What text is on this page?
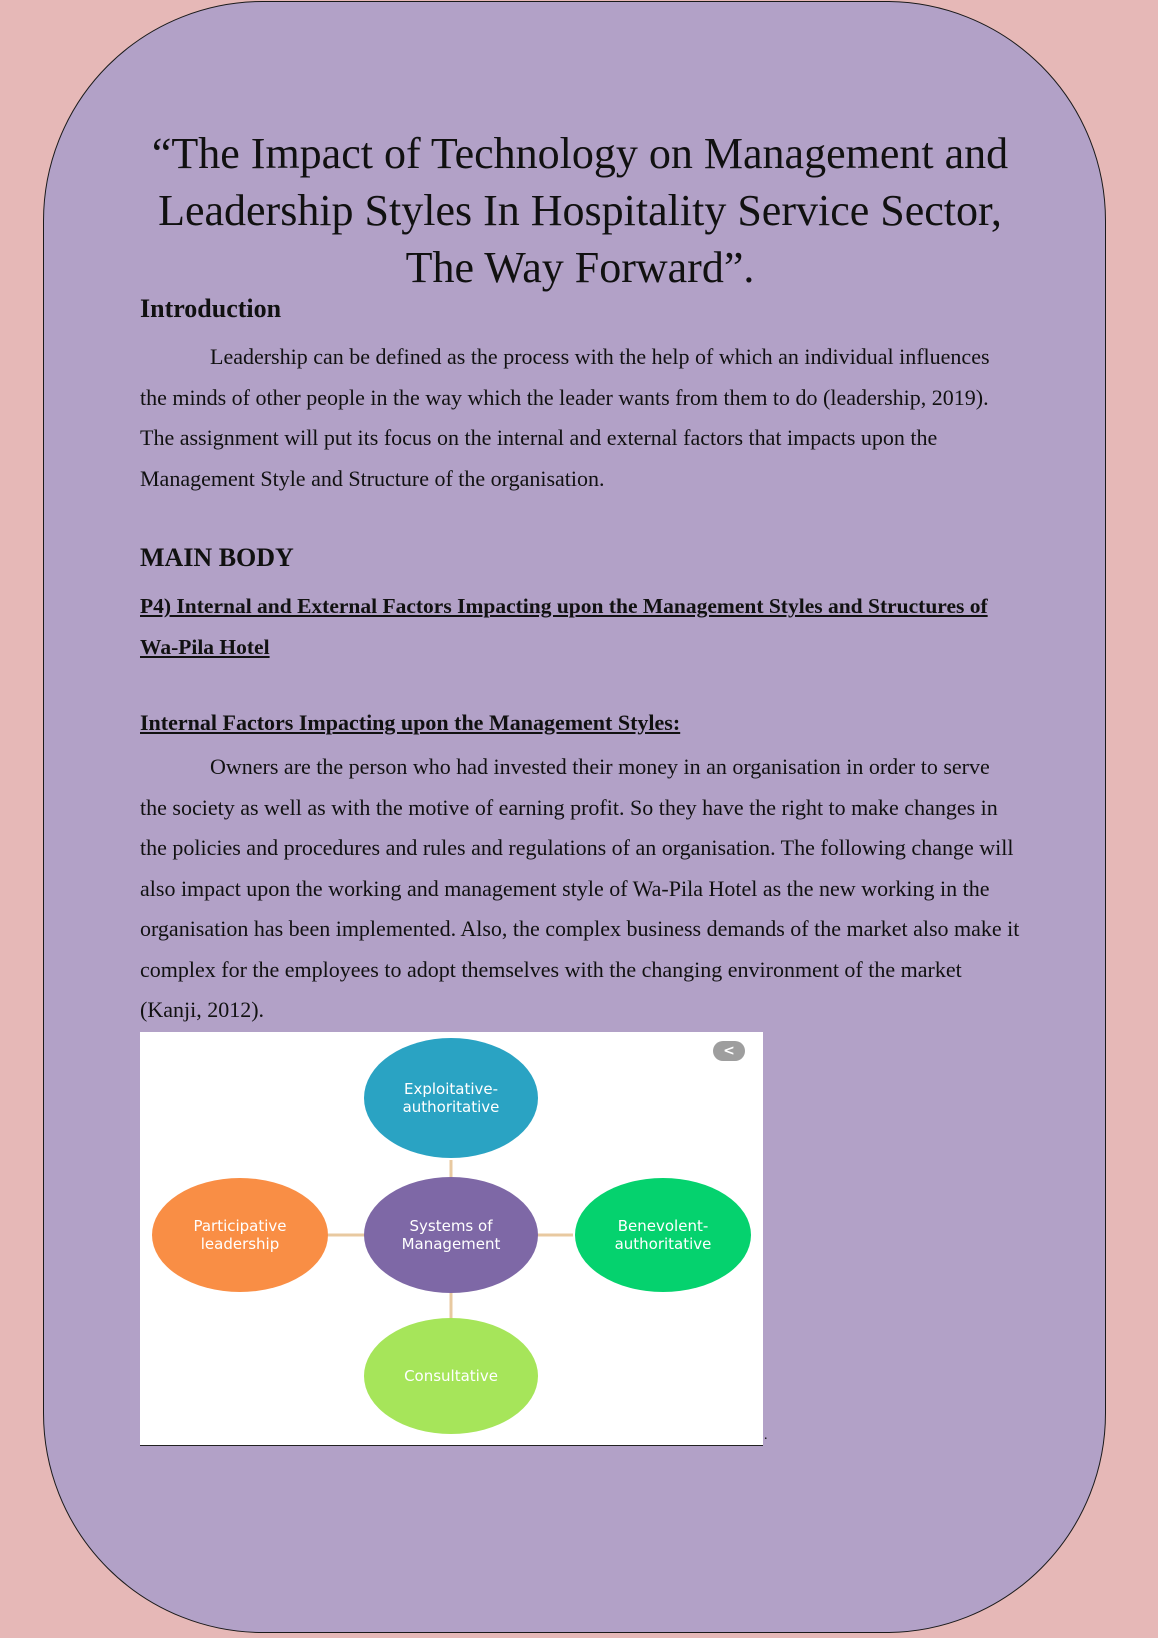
“The Impact of Technology on Management and Leadership Styles In Hospitality Service Sector, The Way Forward”.
Introduction

Leadership can be defined as the process with the help of which an individual influences the minds of other people in the way which the leader wants from them to do (leadership, 2019). The assignment will put its focus on the internal and external factors that impacts upon the Management Style and Structure of the organisation.

MAIN BODY
P4) Internal and External Factors Impacting upon the Management Styles and Structures of Wa-Pila Hotel
Internal Factors Impacting upon the Management Styles:

Owners are the person who had invested their money in an organisation in order to serve the society as well as with the motive of earning profit. So they have the right to make changes in the policies and procedures and rules and regulations of an organisation. The following change will also impact upon the working and management style of Wa-Pila Hotel as the new working in the organisation has been implemented. Also, the complex business demands of the market also make it complex for the employees to adopt themselves with the changing environment of the market (Kanji, 2012).

Exploitative-
authoritative
Participative
leadership
Systems of
Management
Benevolent-
authoritative
Consultative
<
.
